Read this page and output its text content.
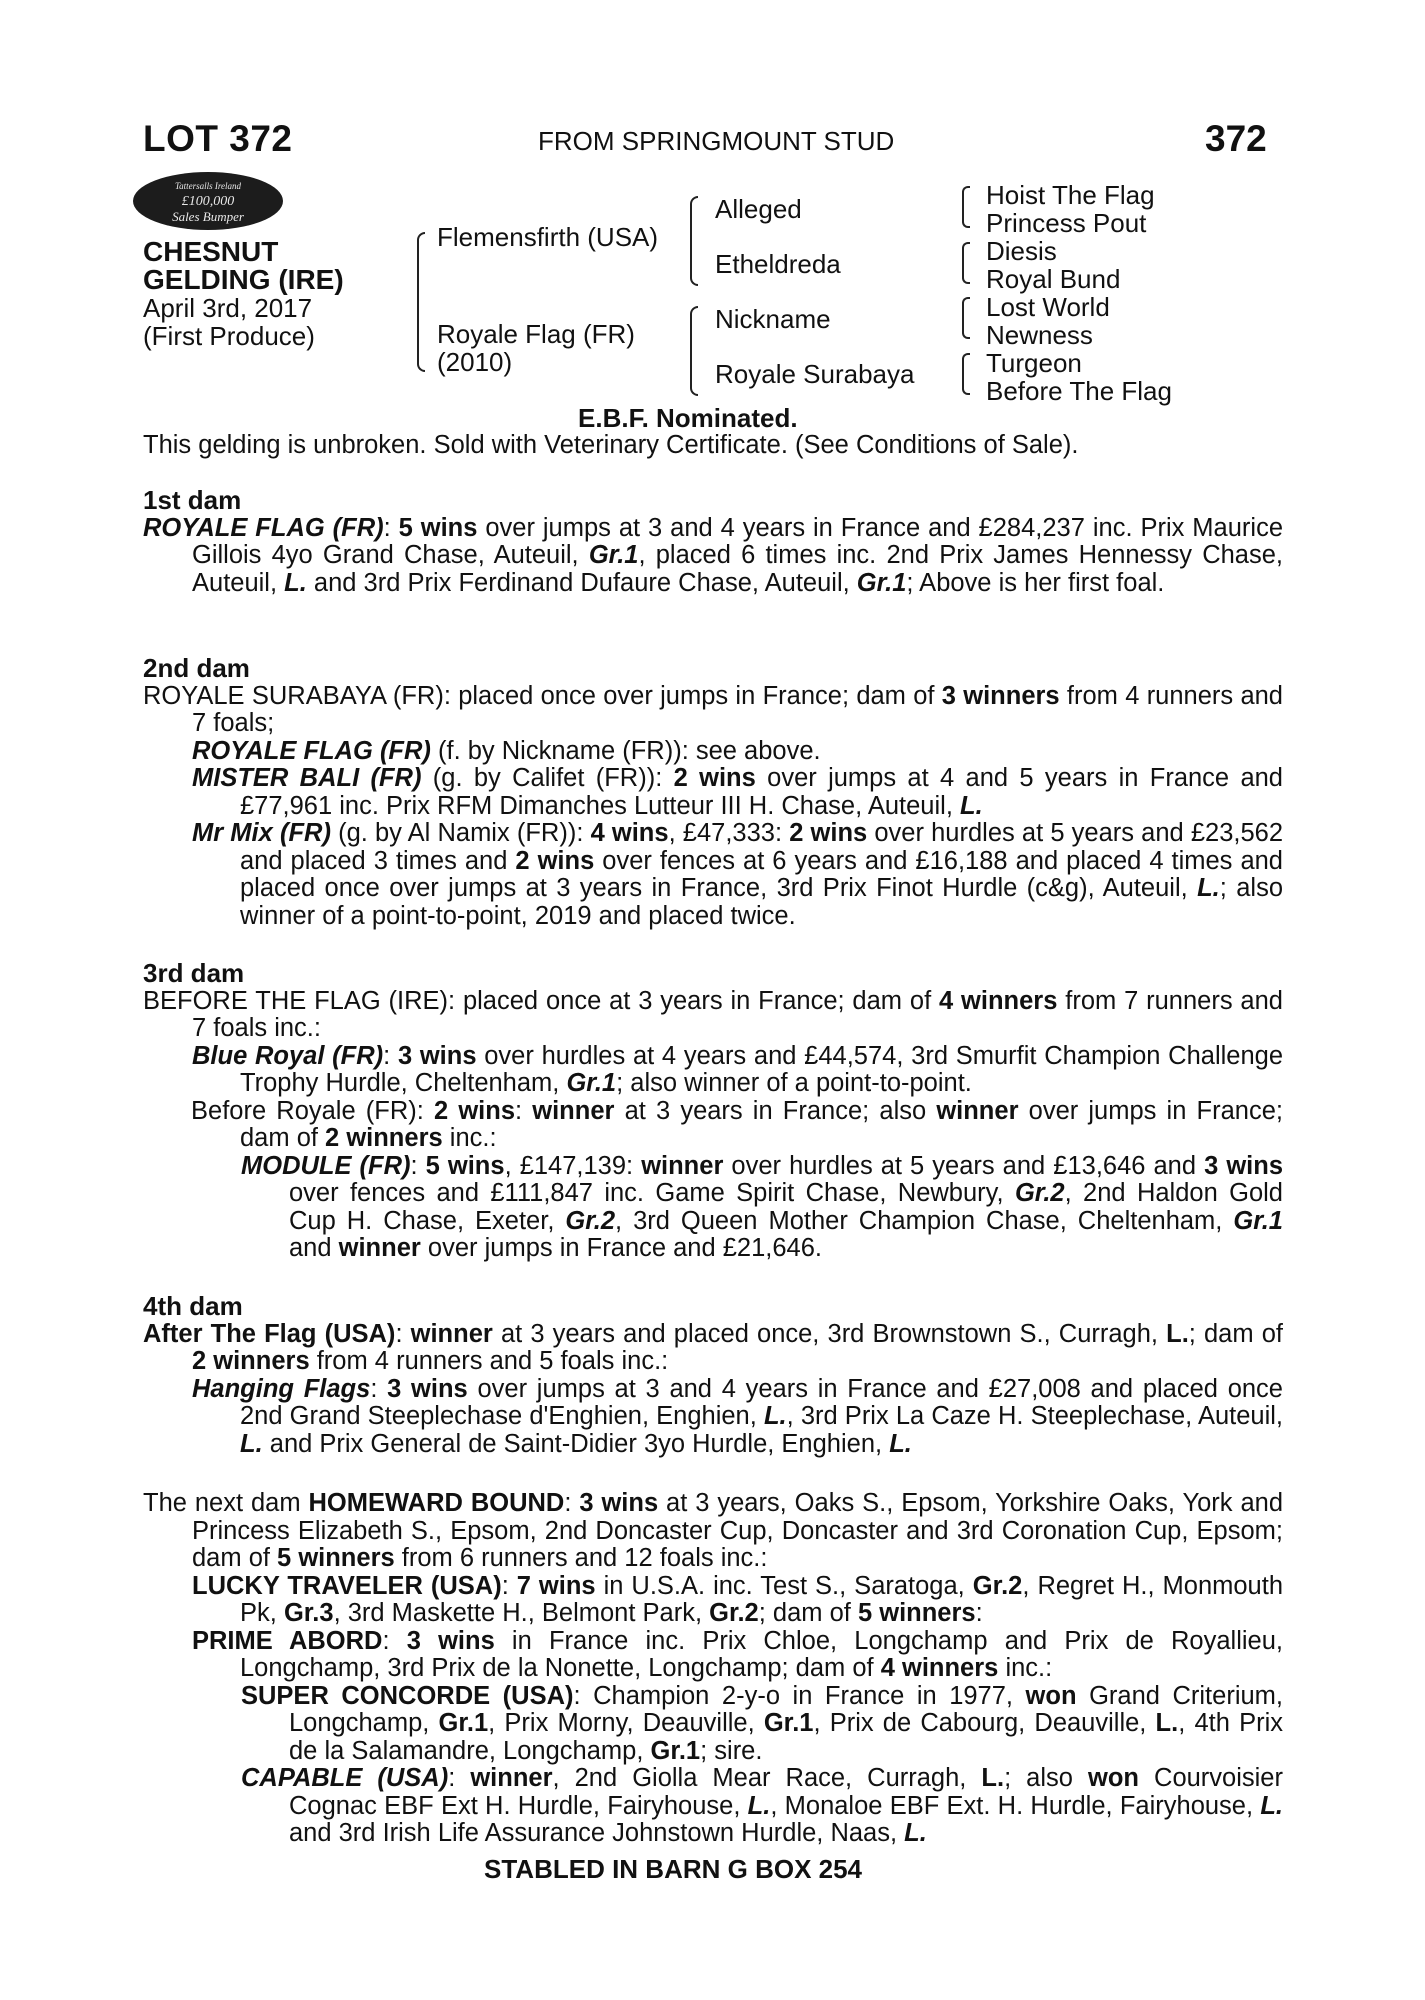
LOT 372	FROM SPRINGMOUNT STUD	372
Tattersalls Ireland
£100,000
Sales Bumper
CHESNUT
GELDING (IRE)
April 3rd, 2017
(First Produce)
Flemensfirth (USA)
Royale Flag (FR)
(2010)
Alleged
Etheldreda
Nickname
Royale Surabaya
Hoist The Flag
Princess Pout
Diesis
Royal Bund
Lost World
Newness
Turgeon
Before The Flag
E.B.F. Nominated.
This gelding is unbroken. Sold with Veterinary Certificate. (See Conditions of Sale).
1st dam
ROYALE FLAG (FR): 5 wins over jumps at 3 and 4 years in France and £284,237 inc. Prix Maurice Gillois 4yo Grand Chase, Auteuil, Gr.1, placed 6 times inc. 2nd Prix James Hennessy Chase, Auteuil, L. and 3rd Prix Ferdinand Dufaure Chase, Auteuil, Gr.1; Above is her first foal.
2nd dam
ROYALE SURABAYA (FR): placed once over jumps in France; dam of 3 winners from 4 runners and 7 foals;
ROYALE FLAG (FR) (f. by Nickname (FR)): see above.
MISTER BALI (FR) (g. by Califet (FR)): 2 wins over jumps at 4 and 5 years in France and £77,961 inc. Prix RFM Dimanches Lutteur III H. Chase, Auteuil, L.
Mr Mix (FR) (g. by Al Namix (FR)): 4 wins, £47,333: 2 wins over hurdles at 5 years and £23,562 and placed 3 times and 2 wins over fences at 6 years and £16,188 and placed 4 times and placed once over jumps at 3 years in France, 3rd Prix Finot Hurdle (c&g), Auteuil, L.; also winner of a point-to-point, 2019 and placed twice.
3rd dam
BEFORE THE FLAG (IRE): placed once at 3 years in France; dam of 4 winners from 7 runners and 7 foals inc.:
Blue Royal (FR): 3 wins over hurdles at 4 years and £44,574, 3rd Smurfit Champion Challenge Trophy Hurdle, Cheltenham, Gr.1; also winner of a point-to-point.
Before Royale (FR): 2 wins: winner at 3 years in France; also winner over jumps in France; dam of 2 winners inc.:
MODULE (FR): 5 wins, £147,139: winner over hurdles at 5 years and £13,646 and 3 wins over fences and £111,847 inc. Game Spirit Chase, Newbury, Gr.2, 2nd Haldon Gold Cup H. Chase, Exeter, Gr.2, 3rd Queen Mother Champion Chase, Cheltenham, Gr.1 and winner over jumps in France and £21,646.
4th dam
After The Flag (USA): winner at 3 years and placed once, 3rd Brownstown S., Curragh, L.; dam of 2 winners from 4 runners and 5 foals inc.:
Hanging Flags: 3 wins over jumps at 3 and 4 years in France and £27,008 and placed once 2nd Grand Steeplechase d'Enghien, Enghien, L., 3rd Prix La Caze H. Steeplechase, Auteuil, L. and Prix General de Saint-Didier 3yo Hurdle, Enghien, L.
The next dam HOMEWARD BOUND: 3 wins at 3 years, Oaks S., Epsom, Yorkshire Oaks, York and Princess Elizabeth S., Epsom, 2nd Doncaster Cup, Doncaster and 3rd Coronation Cup, Epsom; dam of 5 winners from 6 runners and 12 foals inc.:
LUCKY TRAVELER (USA): 7 wins in U.S.A. inc. Test S., Saratoga, Gr.2, Regret H., Monmouth Pk, Gr.3, 3rd Maskette H., Belmont Park, Gr.2; dam of 5 winners:
PRIME ABORD: 3 wins in France inc. Prix Chloe, Longchamp and Prix de Royallieu, Longchamp, 3rd Prix de la Nonette, Longchamp; dam of 4 winners inc.:
SUPER CONCORDE (USA): Champion 2-y-o in France in 1977, won Grand Criterium, Longchamp, Gr.1, Prix Morny, Deauville, Gr.1, Prix de Cabourg, Deauville, L., 4th Prix de la Salamandre, Longchamp, Gr.1; sire.
CAPABLE (USA): winner, 2nd Giolla Mear Race, Curragh, L.; also won Courvoisier Cognac EBF Ext H. Hurdle, Fairyhouse, L., Monaloe EBF Ext. H. Hurdle, Fairyhouse, L. and 3rd Irish Life Assurance Johnstown Hurdle, Naas, L.
STABLED IN BARN G BOX 254
